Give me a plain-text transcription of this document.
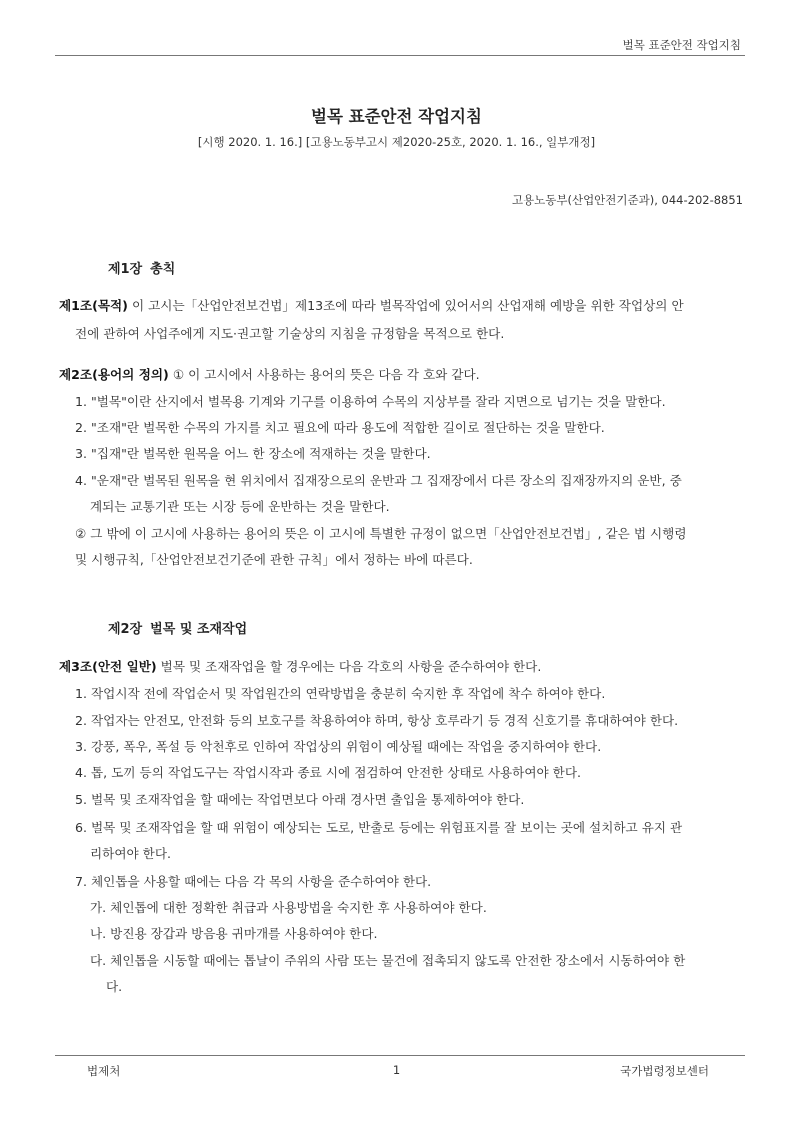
벌목 표준안전 작업지침
벌목 표준안전 작업지침
[시행 2020. 1. 16.] [고용노동부고시 제2020-25호, 2020. 1. 16., 일부개정]
고용노동부(산업안전기준과), 044-202-8851
제1장 총칙
제1조(목적) 이 고시는「산업안전보건법」제13조에 따라 벌목작업에 있어서의 산업재해 예방을 위한 작업상의 안
전에 관하여 사업주에게 지도·권고할 기술상의 지침을 규정함을 목적으로 한다.
제2조(용어의 정의) ① 이 고시에서 사용하는 용어의 뜻은 다음 각 호와 같다.
1. "벌목"이란 산지에서 벌목용 기계와 기구를 이용하여 수목의 지상부를 잘라 지면으로 넘기는 것을 말한다.
2. "조재"란 벌목한 수목의 가지를 치고 필요에 따라 용도에 적합한 길이로 절단하는 것을 말한다.
3. "집재"란 벌목한 원목을 어느 한 장소에 적재하는 것을 말한다.
4. "운재"란 벌목된 원목을 현 위치에서 집재장으로의 운반과 그 집재장에서 다른 장소의 집재장까지의 운반, 중
계되는 교통기관 또는 시장 등에 운반하는 것을 말한다.
② 그 밖에 이 고시에 사용하는 용어의 뜻은 이 고시에 특별한 규정이 없으면「산업안전보건법」, 같은 법 시행령
및 시행규칙,「산업안전보건기준에 관한 규칙」에서 정하는 바에 따른다.
제2장 벌목 및 조재작업
제3조(안전 일반) 벌목 및 조재작업을 할 경우에는 다음 각호의 사항을 준수하여야 한다.
1. 작업시작 전에 작업순서 및 작업원간의 연락방법을 충분히 숙지한 후 작업에 착수 하여야 한다.
2. 작업자는 안전모, 안전화 등의 보호구를 착용하여야 하며, 항상 호루라기 등 경적 신호기를 휴대하여야 한다.
3. 강풍, 폭우, 폭설 등 악천후로 인하여 작업상의 위험이 예상될 때에는 작업을 중지하여야 한다.
4. 톱, 도끼 등의 작업도구는 작업시작과 종료 시에 점검하여 안전한 상태로 사용하여야 한다.
5. 벌목 및 조재작업을 할 때에는 작업면보다 아래 경사면 출입을 통제하여야 한다.
6. 벌목 및 조재작업을 할 때 위험이 예상되는 도로, 반출로 등에는 위험표지를 잘 보이는 곳에 설치하고 유지 관
리하여야 한다.
7. 체인톱을 사용할 때에는 다음 각 목의 사항을 준수하여야 한다.
가. 체인톱에 대한 정확한 취급과 사용방법을 숙지한 후 사용하여야 한다.
나. 방진용 장갑과 방음용 귀마개를 사용하여야 한다.
다. 체인톱을 시동할 때에는 톱날이 주위의 사람 또는 물건에 접촉되지 않도록 안전한 장소에서 시동하여야 한
다.
법제처	1	국가법령정보센터
